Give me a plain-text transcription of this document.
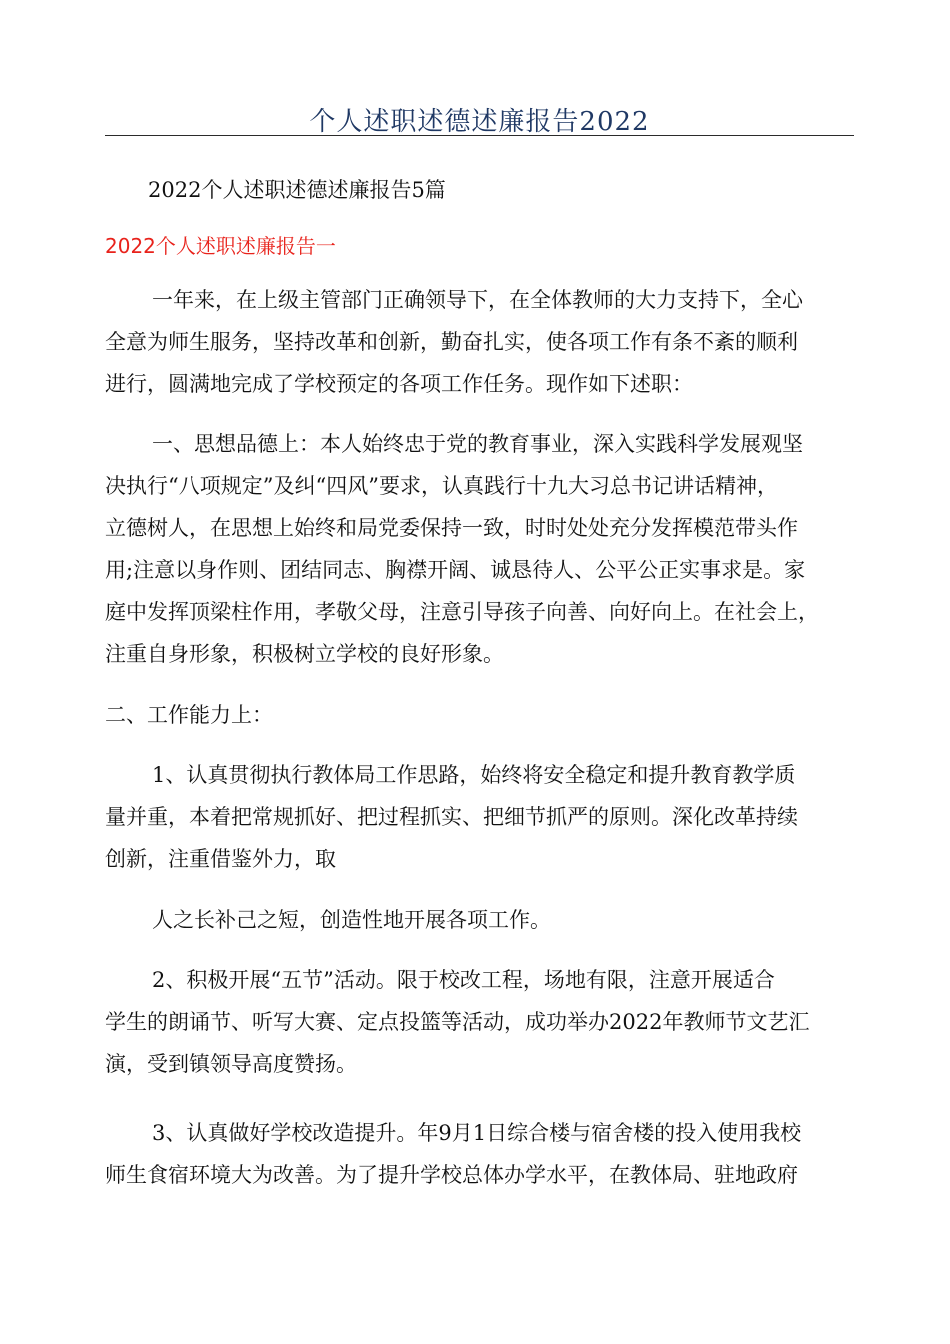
个人述职述德述廉报告2022

2022个人述职述德述廉报告5篇

2022个人述职述廉报告一

一年来，在上级主管部门正确领导下，在全体教师的大力支持下，全心

全意为师生服务，坚持改革和创新，勤奋扎实，使各项工作有条不紊的顺利

进行，圆满地完成了学校预定的各项工作任务。现作如下述职：

一、思想品德上：本人始终忠于党的教育事业，深入实践科学发展观坚

决执行“八项规定”及纠“四风”要求，认真践行十九大习总书记讲话精神，

立德树人，在思想上始终和局党委保持一致，时时处处充分发挥模范带头作

用;注意以身作则、团结同志、胸襟开阔、诚恳待人、公平公正实事求是。家

庭中发挥顶梁柱作用，孝敬父母，注意引导孩子向善、向好向上。在社会上，

注重自身形象，积极树立学校的良好形象。

二、工作能力上：

1、认真贯彻执行教体局工作思路，始终将安全稳定和提升教育教学质

量并重，本着把常规抓好、把过程抓实、把细节抓严的原则。深化改革持续

创新，注重借鉴外力，取

人之长补己之短，创造性地开展各项工作。

2、积极开展“五节”活动。限于校改工程，场地有限，注意开展适合

学生的朗诵节、听写大赛、定点投篮等活动，成功举办2022年教师节文艺汇

演，受到镇领导高度赞扬。

3、认真做好学校改造提升。年9月1日综合楼与宿舍楼的投入使用我校

师生食宿环境大为改善。为了提升学校总体办学水平，在教体局、驻地政府
